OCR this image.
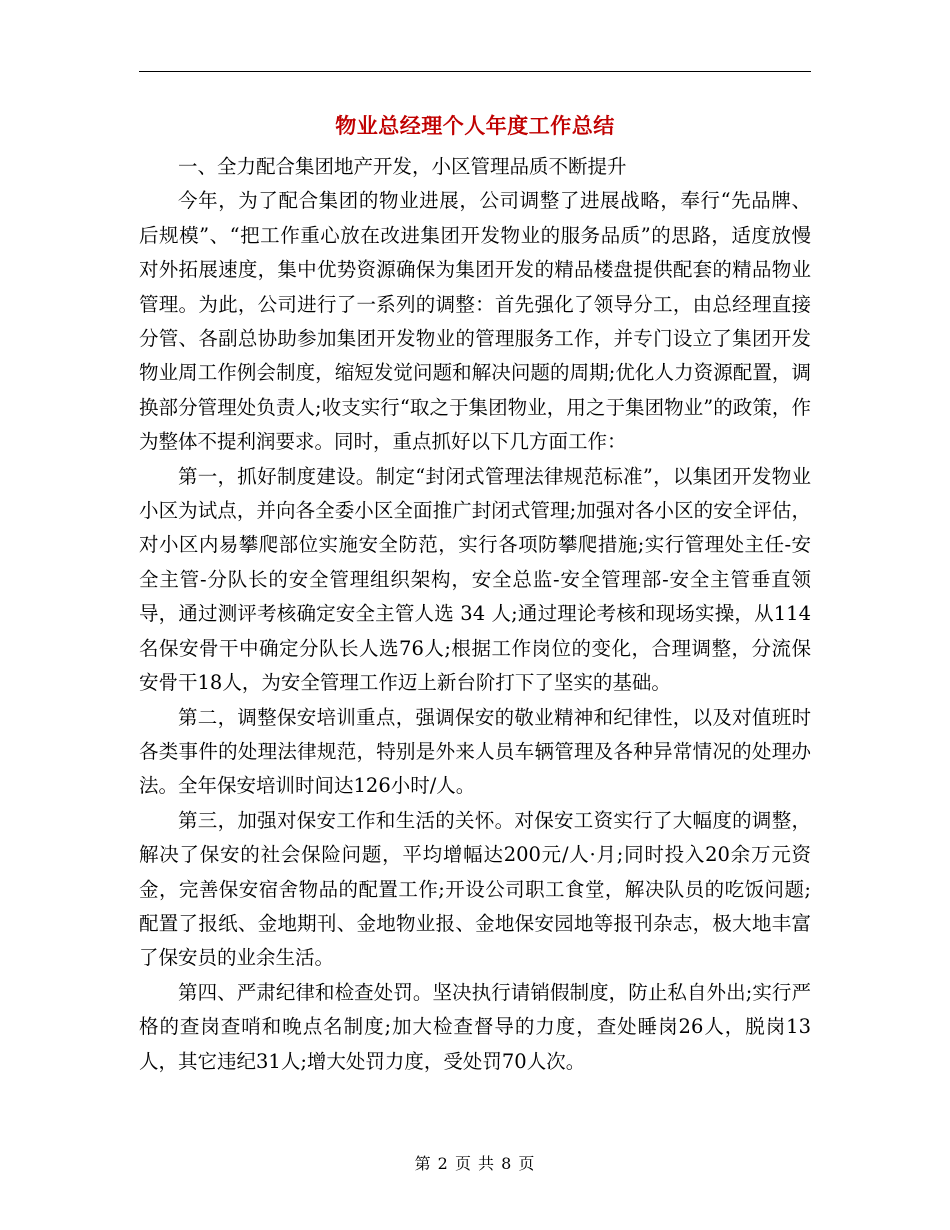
物业总经理个人年度工作总结

一、全力配合集团地产开发，小区管理品质不断提升

今年，为了配合集团的物业进展，公司调整了进展战略，奉行“先品牌、后规模”、“把工作重心放在改进集团开发物业的服务品质”的思路，适度放慢对外拓展速度，集中优势资源确保为集团开发的精品楼盘提供配套的精品物业管理。为此，公司进行了一系列的调整：首先强化了领导分工，由总经理直接分管、各副总协助参加集团开发物业的管理服务工作，并专门设立了集团开发物业周工作例会制度，缩短发觉问题和解决问题的周期;优化人力资源配置，调换部分管理处负责人;收支实行“取之于集团物业，用之于集团物业”的政策，作为整体不提利润要求。同时，重点抓好以下几方面工作：

第一，抓好制度建设。制定“封闭式管理法律规范标准”，以集团开发物业小区为试点，并向各全委小区全面推广封闭式管理;加强对各小区的安全评估，对小区内易攀爬部位实施安全防范，实行各项防攀爬措施;实行管理处主任-安全主管-分队长的安全管理组织架构，安全总监-安全管理部-安全主管垂直领导，通过测评考核确定安全主管人选 34 人;通过理论考核和现场实操，从114名保安骨干中确定分队长人选76人;根据工作岗位的变化，合理调整，分流保安骨干18人，为安全管理工作迈上新台阶打下了坚实的基础。

第二，调整保安培训重点，强调保安的敬业精神和纪律性，以及对值班时各类事件的处理法律规范，特别是外来人员车辆管理及各种异常情况的处理办法。全年保安培训时间达126小时/人。

第三，加强对保安工作和生活的关怀。对保安工资实行了大幅度的调整，解决了保安的社会保险问题，平均增幅达200元/人·月;同时投入20余万元资金，完善保安宿舍物品的配置工作;开设公司职工食堂，解决队员的吃饭问题;配置了报纸、金地期刊、金地物业报、金地保安园地等报刊杂志，极大地丰富了保安员的业余生活。

第四、严肃纪律和检查处罚。坚决执行请销假制度，防止私自外出;实行严格的查岗查哨和晚点名制度;加大检查督导的力度，查处睡岗26人，脱岗13人，其它违纪31人;增大处罚力度，受处罚70人次。

第 2 页 共 8 页
